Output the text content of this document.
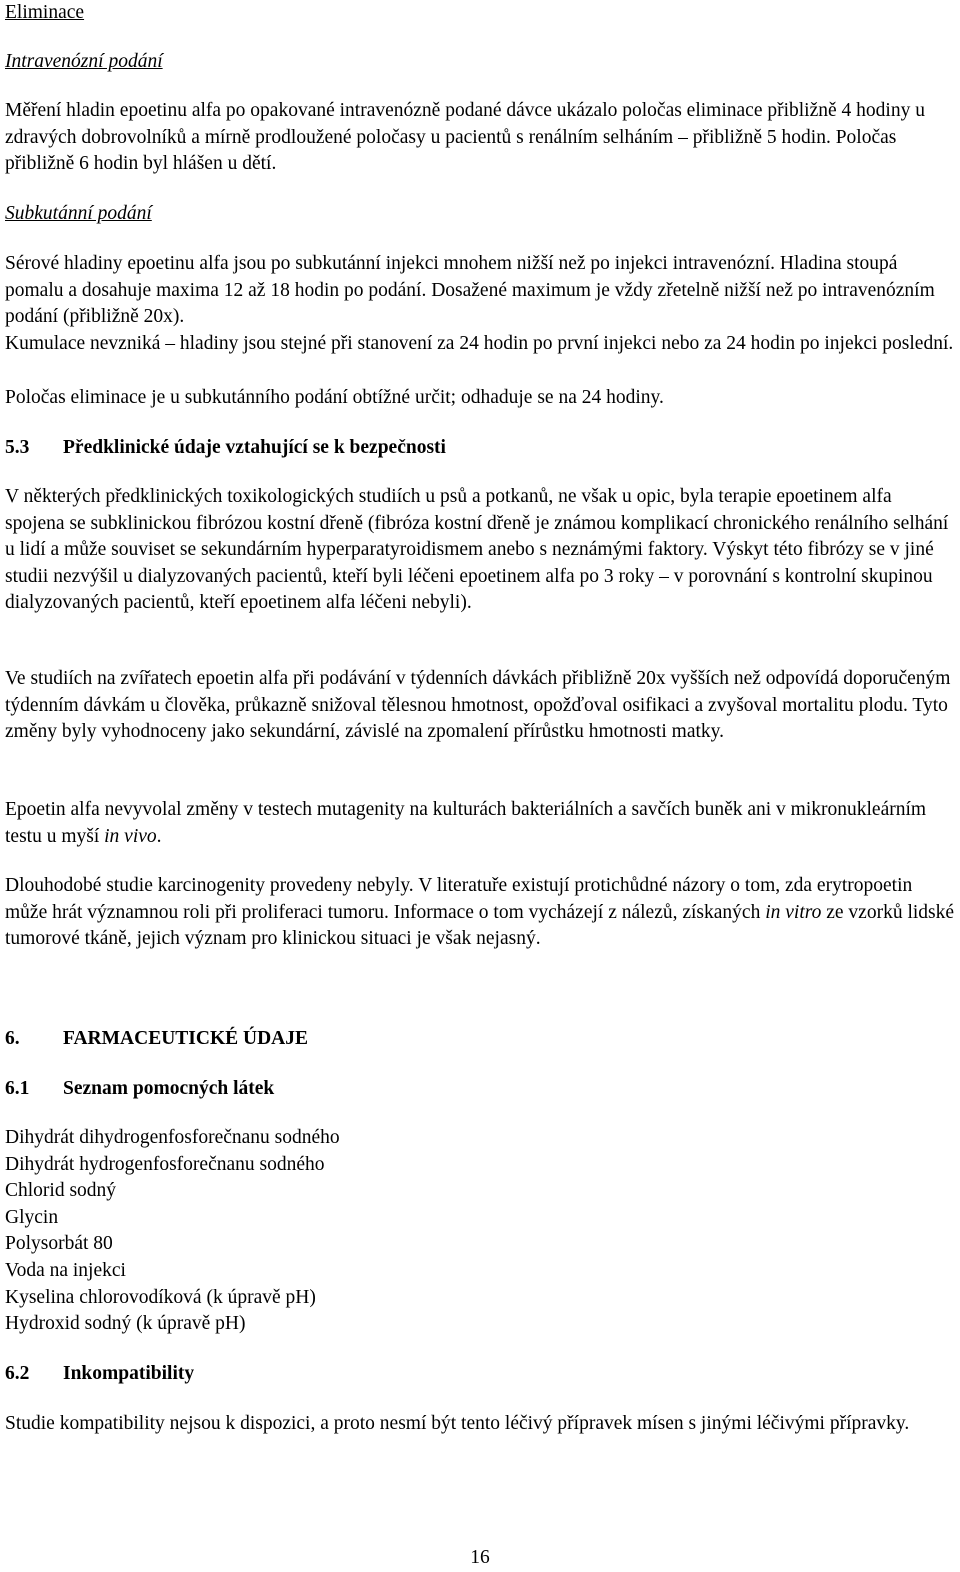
Eliminace

Intravenózní podání

Měření hladin epoetinu alfa po opakované intravenózně podané dávce ukázalo poločas eliminace přibližně 4 hodiny u zdravých dobrovolníků a mírně prodloužené poločasy u pacientů s renálním selháním – přibližně 5 hodin. Poločas přibližně 6 hodin byl hlášen u dětí.

Subkutánní podání

Sérové hladiny epoetinu alfa jsou po subkutánní injekci mnohem nižší než po injekci intravenózní. Hladina stoupá pomalu a dosahuje maxima 12 až 18 hodin po podání. Dosažené maximum je vždy zřetelně nižší než po intravenózním podání (přibližně 20x).

Kumulace nevzniká – hladiny jsou stejné při stanovení za 24 hodin po první injekci nebo za 24 hodin po injekci poslední.

Poločas eliminace je u subkutánního podání obtížné určit; odhaduje se na 24 hodiny.

5.3 Předklinické údaje vztahující se k bezpečnosti

V některých předklinických toxikologických studiích u psů a potkanů, ne však u opic, byla terapie epoetinem alfa spojena se subklinickou fibrózou kostní dřeně (fibróza kostní dřeně je známou komplikací chronického renálního selhání u lidí a může souviset se sekundárním hyperparatyroidismem anebo s neznámými faktory. Výskyt této fibrózy se v jiné studii nezvýšil u dialyzovaných pacientů, kteří byli léčeni epoetinem alfa po 3 roky – v porovnání s kontrolní skupinou dialyzovaných pacientů, kteří epoetinem alfa léčeni nebyli).

Ve studiích na zvířatech epoetin alfa při podávání v týdenních dávkách přibližně 20x vyšších než odpovídá doporučeným týdenním dávkám u člověka, průkazně snižoval tělesnou hmotnost, opožďoval osifikaci a zvyšoval mortalitu plodu. Tyto změny byly vyhodnoceny jako sekundární, závislé na zpomalení přírůstku hmotnosti matky.

Epoetin alfa nevyvolal změny v testech mutagenity na kulturách bakteriálních a savčích buněk ani v mikronukleárním testu u myší in vivo.

Dlouhodobé studie karcinogenity provedeny nebyly. V literatuře existují protichůdné názory o tom, zda erytropoetin může hrát významnou roli při proliferaci tumoru. Informace o tom vycházejí z nálezů, získaných in vitro ze vzorků lidské tumorové tkáně, jejich význam pro klinickou situaci je však nejasný.

6. FARMACEUTICKÉ ÚDAJE

6.1 Seznam pomocných látek

Dihydrát dihydrogenfosforečnanu sodného
Dihydrát hydrogenfosforečnanu sodného
Chlorid sodný
Glycin
Polysorbát 80
Voda na injekci
Kyselina chlorovodíková (k úpravě pH)
Hydroxid sodný (k úpravě pH)

6.2 Inkompatibility

Studie kompatibility nejsou k dispozici, a proto nesmí být tento léčivý přípravek mísen s jinými léčivými přípravky.

16
